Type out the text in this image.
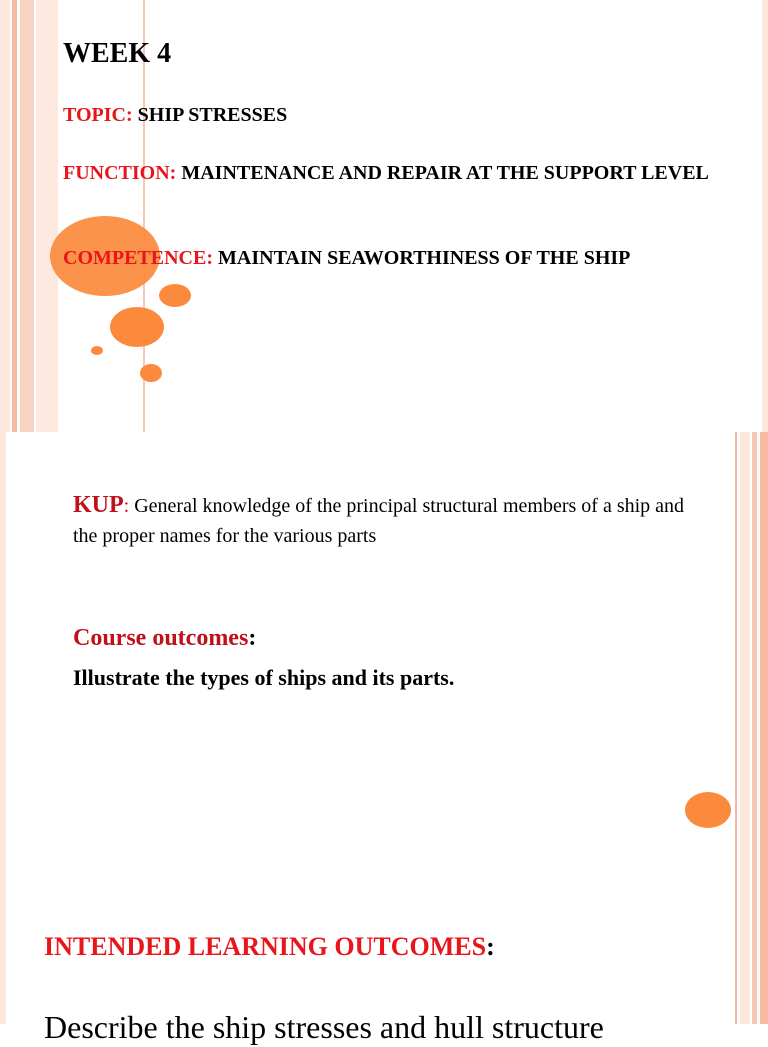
WEEK 4
TOPIC: SHIP STRESSES
FUNCTION: MAINTENANCE AND REPAIR AT THE SUPPORT LEVEL
COMPETENCE: MAINTAIN SEAWORTHINESS OF THE SHIP
KUP: General knowledge of the principal structural members of a ship and the proper names for the various parts
Course outcomes:
Illustrate the types of ships and its parts.
INTENDED LEARNING OUTCOMES:
Describe the ship stresses and hull structure
